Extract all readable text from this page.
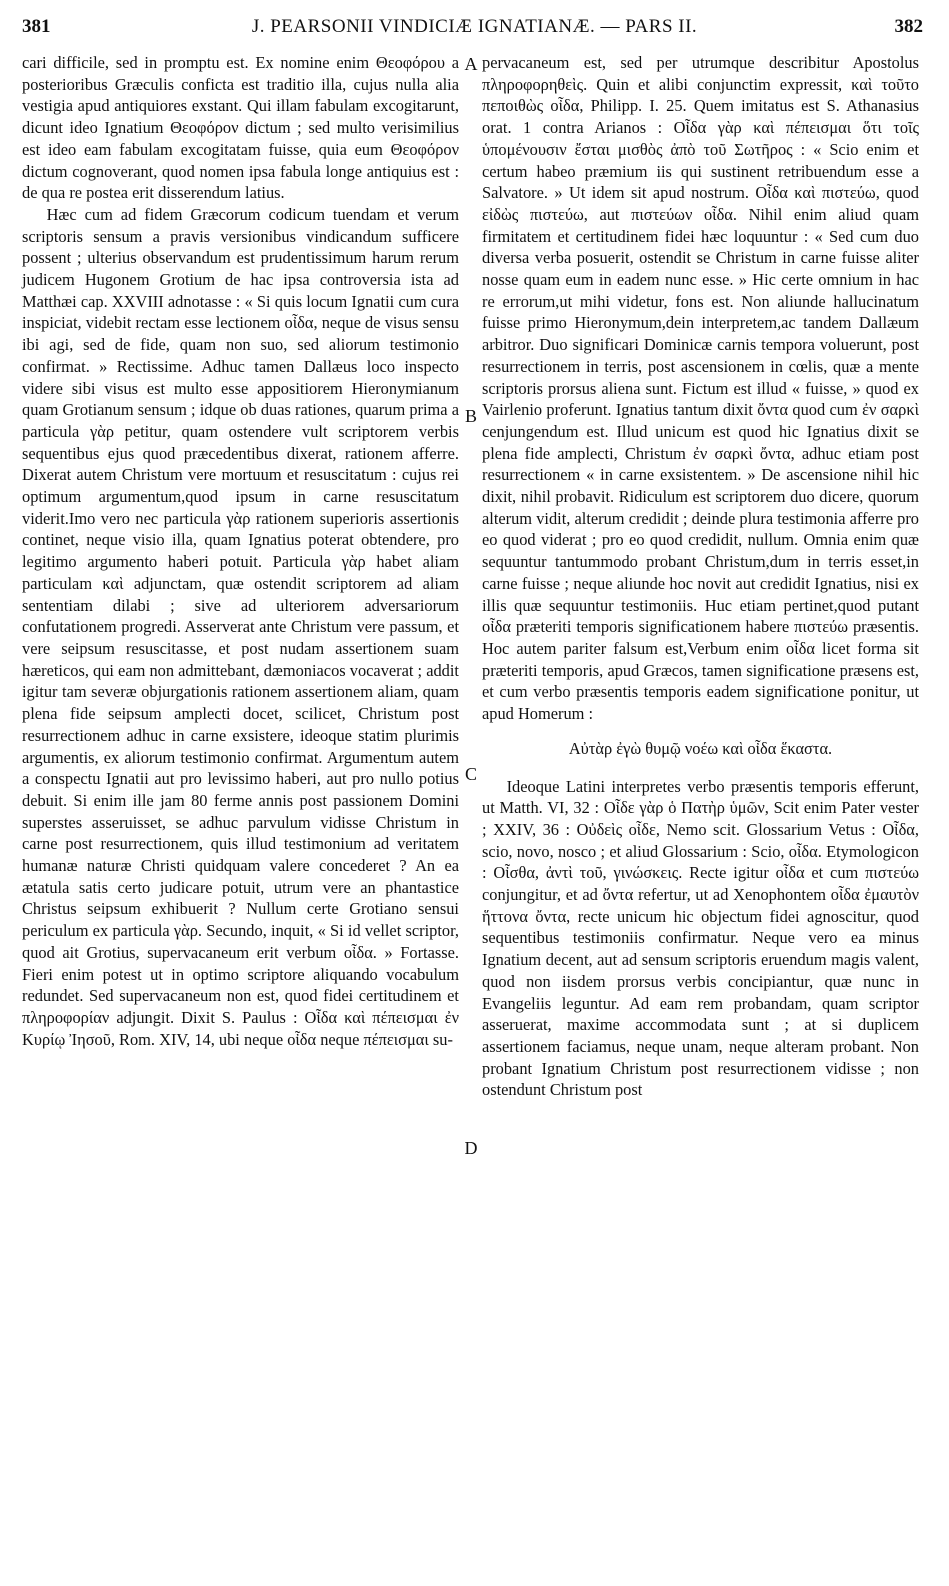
381	J. PEARSONII VINDICIÆ IGNATIANÆ. — PARS II.	382
A
B
C
D

cari difficile, sed in promptu est. Ex nomine enim Θεοφόρου a posterioribus Græculis conficta est traditio illa, cujus nulla alia vestigia apud antiquiores exstant. Qui illam fabulam excogitarunt, dicunt ideo Ignatium Θεοφόρον dictum ; sed multo verisimilius est ideo eam fabulam excogitatam fuisse, quia eum Θεοφόρον dictum cognoverant, quod nomen ipsa fabula longe antiquius est : de qua re postea erit disserendum latius.

Hæc cum ad fidem Græcorum codicum tuendam et verum scriptoris sensum a pravis versionibus vindicandum sufficere possent ; ulterius observandum est prudentissimum harum rerum judicem Hugonem Grotium de hac ipsa controversia ista ad Matthæi cap. XXVIII adnotasse : « Si quis locum Ignatii cum cura inspiciat, videbit rectam esse lectionem οἶδα, neque de visus sensu ibi agi, sed de fide, quam non suo, sed aliorum testimonio confirmat. » Rectissime. Adhuc tamen Dallæus loco inspecto videre sibi visus est multo esse appositiorem Hieronymianum quam Grotianum sensum ; idque ob duas rationes, quarum prima a particula γὰρ petitur, quam ostendere vult scriptorem verbis sequentibus ejus quod præcedentibus dixerat, rationem afferre. Dixerat autem Christum vere mortuum et resuscitatum : cujus rei optimum argumentum,quod ipsum in carne resuscitatum viderit.Imo vero nec particula γὰρ rationem superioris assertionis continet, neque visio illa, quam Ignatius poterat obtendere, pro legitimo argumento haberi potuit. Particula γὰρ habet aliam particulam καὶ adjunctam, quæ ostendit scriptorem ad aliam sententiam dilabi ; sive ad ulteriorem adversariorum confutationem progredi. Asserverat ante Christum vere passum, et vere seipsum resuscitasse, et post nudam assertionem suam hæreticos, qui eam non admittebant, dæmoniacos vocaverat ; addit igitur tam severæ objurgationis rationem assertionem aliam, quam plena fide seipsum amplecti docet, scilicet, Christum post resurrectionem adhuc in carne exsistere, ideoque statim plurimis argumentis, ex aliorum testimonio confirmat. Argumentum autem a conspectu Ignatii aut pro levissimo haberi, aut pro nullo potius debuit. Si enim ille jam 80 ferme annis post passionem Domini superstes asseruisset, se adhuc parvulum vidisse Christum in carne post resurrectionem, quis illud testimonium ad veritatem humanæ naturæ Christi quidquam valere concederet ? An ea ætatula satis certo judicare potuit, utrum vere an phantastice Christus seipsum exhibuerit ? Nullum certe Grotiano sensui periculum ex particula γὰρ. Secundo, inquit, « Si id vellet scriptor, quod ait Grotius, supervacaneum erit verbum οἶδα. » Fortasse. Fieri enim potest ut in optimo scriptore aliquando vocabulum redundet. Sed supervacaneum non est, quod fidei certitudinem et πληροφορίαν adjungit. Dixit S. Paulus : Οἶδα καὶ πέπεισμαι ἐν Κυρίῳ Ἰησοῦ, Rom. XIV, 14, ubi neque οἶδα neque πέπεισμαι su-

pervacaneum est, sed per utrumque describitur Apostolus πληροφορηθεὶς. Quin et alibi conjunctim expressit, καὶ τοῦτο πεποιθὼς οἶδα, Philipp. I. 25. Quem imitatus est S. Athanasius orat. 1 contra Arianos : Οἶδα γὰρ καὶ πέπεισμαι ὅτι τοῖς ὑπομένουσιν ἔσται μισθὸς ἀπὸ τοῦ Σωτῆρος : « Scio enim et certum habeo præmium iis qui sustinent retribuendum esse a Salvatore. » Ut idem sit apud nostrum. Οἶδα καὶ πιστεύω, quod εἰδὼς πιστεύω, aut πιστεύων οἶδα. Nihil enim aliud quam firmitatem et certitudinem fidei hæc loquuntur : « Sed cum duo diversa verba posuerit, ostendit se Christum in carne fuisse aliter nosse quam eum in eadem nunc esse. » Hic certe omnium in hac re errorum,ut mihi videtur, fons est. Non aliunde hallucinatum fuisse primo Hieronymum,dein interpretem,ac tandem Dallæum arbitror. Duo significari Dominicæ carnis tempora voluerunt, post resurrectionem in terris, post ascensionem in cœlis, quæ a mente scriptoris prorsus aliena sunt. Fictum est illud « fuisse, » quod ex Vairlenio proferunt. Ignatius tantum dixit ὄντα quod cum ἐν σαρκὶ cenjungendum est. Illud unicum est quod hic Ignatius dixit se plena fide amplecti, Christum ἐν σαρκὶ ὄντα, adhuc etiam post resurrectionem « in carne exsistentem. » De ascensione nihil hic dixit, nihil probavit. Ridiculum est scriptorem duo dicere, quorum alterum vidit, alterum credidit ; deinde plura testimonia afferre pro eo quod viderat ; pro eo quod credidit, nullum. Omnia enim quæ sequuntur tantummodo probant Christum,dum in terris esset,in carne fuisse ; neque aliunde hoc novit aut credidit Ignatius, nisi ex illis quæ sequuntur testimoniis. Huc etiam pertinet,quod putant οἶδα præteriti temporis significationem habere πιστεύω præsentis. Hoc autem pariter falsum est,Verbum enim οἶδα licet forma sit præteriti temporis, apud Græcos, tamen significatione præsens est, et cum verbo præsentis temporis eadem significatione ponitur, ut apud Homerum :

Αὐτὰρ ἐγὼ θυμῷ νοέω καὶ οἶδα ἕκαστα.

Ideoque Latini interpretes verbo præsentis temporis efferunt, ut Matth. VI, 32 : Οἶδε γὰρ ὁ Πατὴρ ὑμῶν, Scit enim Pater vester ; XXIV, 36 : Οὐδεὶς οἶδε, Nemo scit. Glossarium Vetus : Οἶδα, scio, novo, nosco ; et aliud Glossarium : Scio, οἶδα. Etymologicon : Οἶσθα, ἀντὶ τοῦ, γινώσκεις. Recte igitur οἶδα et cum πιστεύω conjungitur, et ad ὄντα refertur, ut ad Xenophontem οἶδα ἐμαυτὸν ἥττονα ὄντα, recte unicum hic objectum fidei agnoscitur, quod sequentibus testimoniis confirmatur. Neque vero ea minus Ignatium decent, aut ad sensum scriptoris eruendum magis valent, quod non iisdem prorsus verbis concipiantur, quæ nunc in Evangeliis leguntur. Ad eam rem probandam, quam scriptor asseruerat, maxime accommodata sunt ; at si duplicem assertionem faciamus, neque unam, neque alteram probant. Non probant Ignatium Christum post resurrectionem vidisse ; non ostendunt Christum post
